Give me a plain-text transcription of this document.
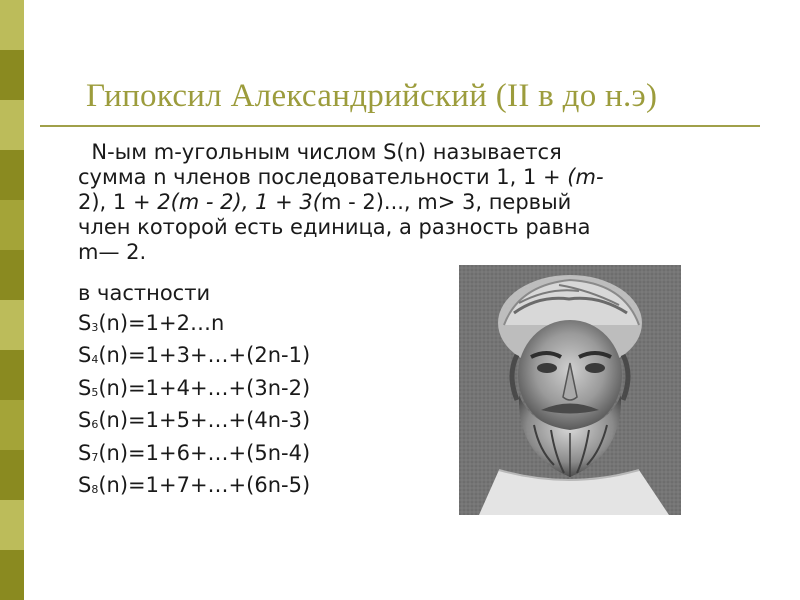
Гипоксил Александрийский (II в до н.э)

N-ым m-угольным числом S(n) называется
сумма n членов последовательности 1, 1 + (m-
2), 1 + 2(m - 2), 1 + 3(m - 2)..., m> 3, первый
член которой есть единица, а разность равна
m— 2.

в частности
$S_3(n)=1+2\dots n$
$S_4(n)=1+3+\dots+(2n-1)$
$S_5(n)=1+4+\dots+(3n-2)$
$S_6(n)=1+5+\dots+(4n-3)$
$S_7(n)=1+6+\dots+(5n-4)$
$S_8(n)=1+7+\dots+(6n-5)$
